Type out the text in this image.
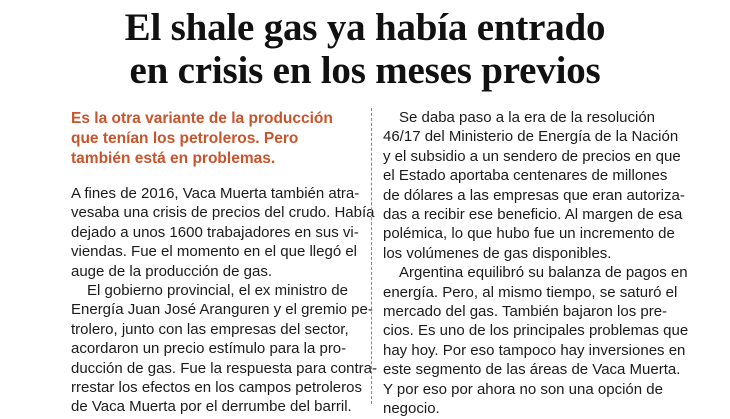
El shale gas ya había entrado
en crisis en los meses previos
Es la otra variante de la producción
que tenían los petroleros. Pero
también está en problemas.
A fines de 2016, Vaca Muerta también atra-
vesaba una crisis de precios del crudo. Había
dejado a unos 1600 trabajadores en sus vi-
viendas. Fue el momento en el que llegó el
auge de la producción de gas.
El gobierno provincial, el ex ministro de
Energía Juan José Aranguren y el gremio pe-
trolero, junto con las empresas del sector,
acordaron un precio estímulo para la pro-
ducción de gas. Fue la respuesta para contra-
rrestar los efectos en los campos petroleros
de Vaca Muerta por el derrumbe del barril.
Se daba paso a la era de la resolución
46/17 del Ministerio de Energía de la Nación
y el subsidio a un sendero de precios en que
el Estado aportaba centenares de millones
de dólares a las empresas que eran autoriza-
das a recibir ese beneficio. Al margen de esa
polémica, lo que hubo fue un incremento de
los volúmenes de gas disponibles.
Argentina equilibró su balanza de pagos en
energía. Pero, al mismo tiempo, se saturó el
mercado del gas. También bajaron los pre-
cios. Es uno de los principales problemas que
hay hoy. Por eso tampoco hay inversiones en
este segmento de las áreas de Vaca Muerta.
Y por eso por ahora no son una opción de
negocio.
